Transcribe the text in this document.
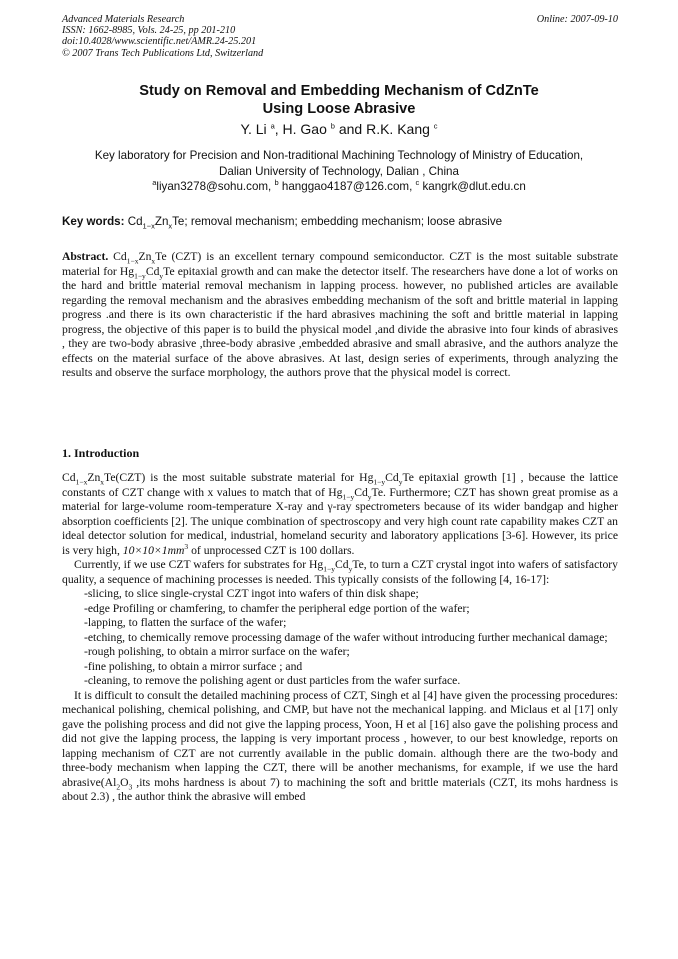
Advanced Materials Research
ISSN: 1662-8985, Vols. 24-25, pp 201-210
doi:10.4028/www.scientific.net/AMR.24-25.201
© 2007 Trans Tech Publications Ltd, Switzerland
Online: 2007-09-10
Study on Removal and Embedding Mechanism of CdZnTe
Using Loose Abrasive
Y. Li $^a$, H. Gao $^b$ and R.K. Kang $^c$
Key laboratory for Precision and Non-traditional Machining Technology of Ministry of Education,
Dalian University of Technology, Dalian , China
$^a$liyan3278@sohu.com, $^b$ hanggao4187@126.com, $^c$ kangrk@dlut.edu.cn
Key words: $Cd_{1-x}Zn_xTe$; removal mechanism; embedding mechanism; loose abrasive
Abstract. $Cd_{1-x}Zn_xTe$ (CZT) is an excellent ternary compound semiconductor. CZT is the most suitable substrate material for $Hg_{1-y}Cd_yTe$ epitaxial growth and can make the detector itself. The researchers have done a lot of works on the hard and brittle material removal mechanism in lapping process. however, no published articles are available regarding the removal mechanism and the abrasives embedding mechanism of the soft and brittle material in lapping progress .and there is its own characteristic if the hard abrasives machining the soft and brittle material in lapping progress, the objective of this paper is to build the physical model ,and divide the abrasive into four kinds of abrasives , they are two-body abrasive ,three-body abrasive ,embedded abrasive and small abrasive, and the authors analyze the effects on the material surface of the above abrasives. At last, design series of experiments, through analyzing the results and observe the surface morphology, the authors prove that the physical model is correct.
1. Introduction

$Cd_{1-x}Zn_xTe(CZT)$ is the most suitable substrate material for $Hg_{1-y}Cd_yTe$ epitaxial growth [1] , because the lattice constants of CZT change with x values to match that of $Hg_{1-y}Cd_yTe$. Furthermore; CZT has shown great promise as a material for large-volume room-temperature X-ray and γ-ray spectrometers because of its wider bandgap and higher absorption coefficients [2]. The unique combination of spectroscopy and very high count rate capability makes CZT an ideal detector solution for medical, industrial, homeland security and laboratory applications [3-6]. However, its price is very high, $10\times 10\times 1mm^3$ of unprocessed CZT is 100 dollars.

Currently, if we use CZT wafers for substrates for $Hg_{1-y}Cd_yTe$, to turn a CZT crystal ingot into wafers of satisfactory quality, a sequence of machining processes is needed. This typically consists of the following [4, 16-17]:

- slicing, to slice single-crystal CZT ingot into wafers of thin disk shape;
- edge Profiling or chamfering, to chamfer the peripheral edge portion of the wafer;
- lapping, to flatten the surface of the wafer;
- etching, to chemically remove processing damage of the wafer without introducing further mechanical damage;
- rough polishing, to obtain a mirror surface on the wafer;
- fine polishing, to obtain a mirror surface ; and
- cleaning, to remove the polishing agent or dust particles from the wafer surface.

It is difficult to consult the detailed machining process of CZT, Singh et al [4] have given the processing procedures: mechanical polishing, chemical polishing, and CMP, but have not the mechanical lapping. and Miclaus et al [17] only gave the polishing process and did not give the lapping process, Yoon, H et al [16] also gave the polishing process and did not give the lapping process, the lapping is very important process , however, to our best knowledge, reports on lapping mechanism of CZT are not currently available in the public domain. although there are the two-body and three-body mechanism when lapping the CZT, there will be another mechanisms, for example, if we use the hard $abrasive(Al_2O_3$ ,its mohs hardness is about 7) to machining the soft and brittle materials (CZT, its mohs hardness is about 2.3) , the author think the abrasive will embed
